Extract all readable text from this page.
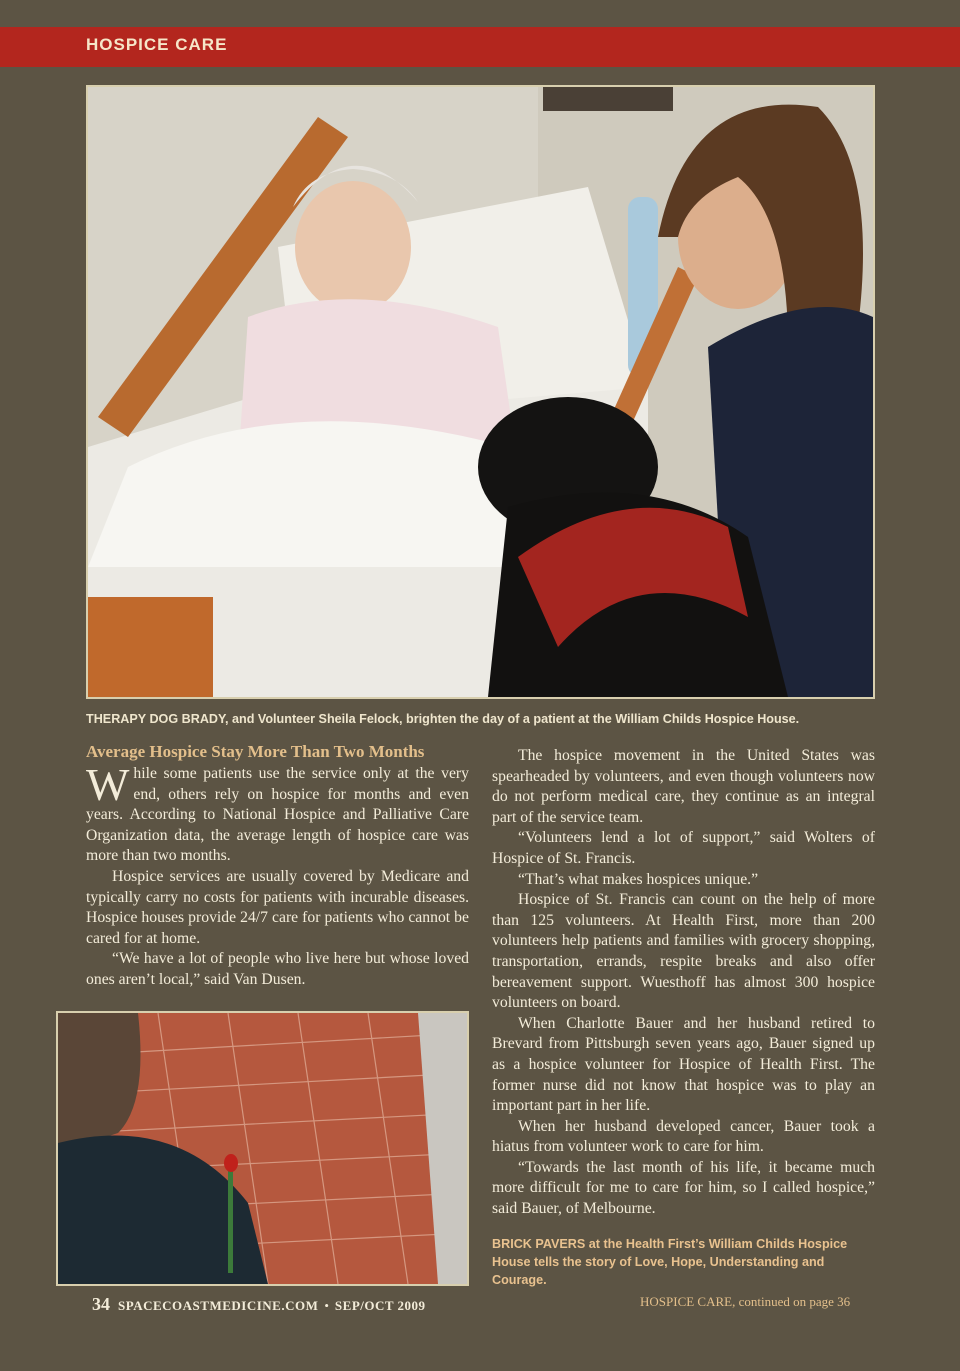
HOSPICE CARE
THERAPY DOG BRADY, and Volunteer Sheila Felock, brighten the day of a patient at the William Childs Hospice House.
Average Hospice Stay More Than Two Months

While some patients use the service only at the very end, others rely on hospice for months and even years. According to National Hospice and Palliative Care Organization data, the average length of hospice care was more than two months.

Hospice services are usually covered by Medicare and typically carry no costs for patients with incurable diseases. Hospice houses provide 24/7 care for patients who cannot be cared for at home.

“We have a lot of people who live here but whose loved ones aren’t local,” said Van Dusen.

The hospice movement in the United States was spearheaded by volunteers, and even though volunteers now do not perform medical care, they continue as an integral part of the service team.

“Volunteers lend a lot of support,” said Wolters of Hospice of St. Francis.

“That’s what makes hospices unique.”

Hospice of St. Francis can count on the help of more than 125 volunteers. At Health First, more than 200 volunteers help patients and families with grocery shopping, transportation, errands, respite breaks and also offer bereavement support. Wuesthoff has almost 300 hospice volunteers on board.

When Charlotte Bauer and her husband retired to Brevard from Pittsburgh seven years ago, Bauer signed up as a hospice volunteer for Hospice of Health First. The former nurse did not know that hospice was to play an important part in her life.

When her husband developed cancer, Bauer took a hiatus from volunteer work to care for him.

“Towards the last month of his life, it became much more difficult for me to care for him, so I called hospice,” said Bauer, of Melbourne.

BRICK PAVERS at the Health First’s William Childs Hospice House tells the story of Love, Hope, Understanding and Courage.
34 SPACECOASTMEDICINE.COM • SEP/OCT 2009	HOSPICE CARE, continued on page 36
